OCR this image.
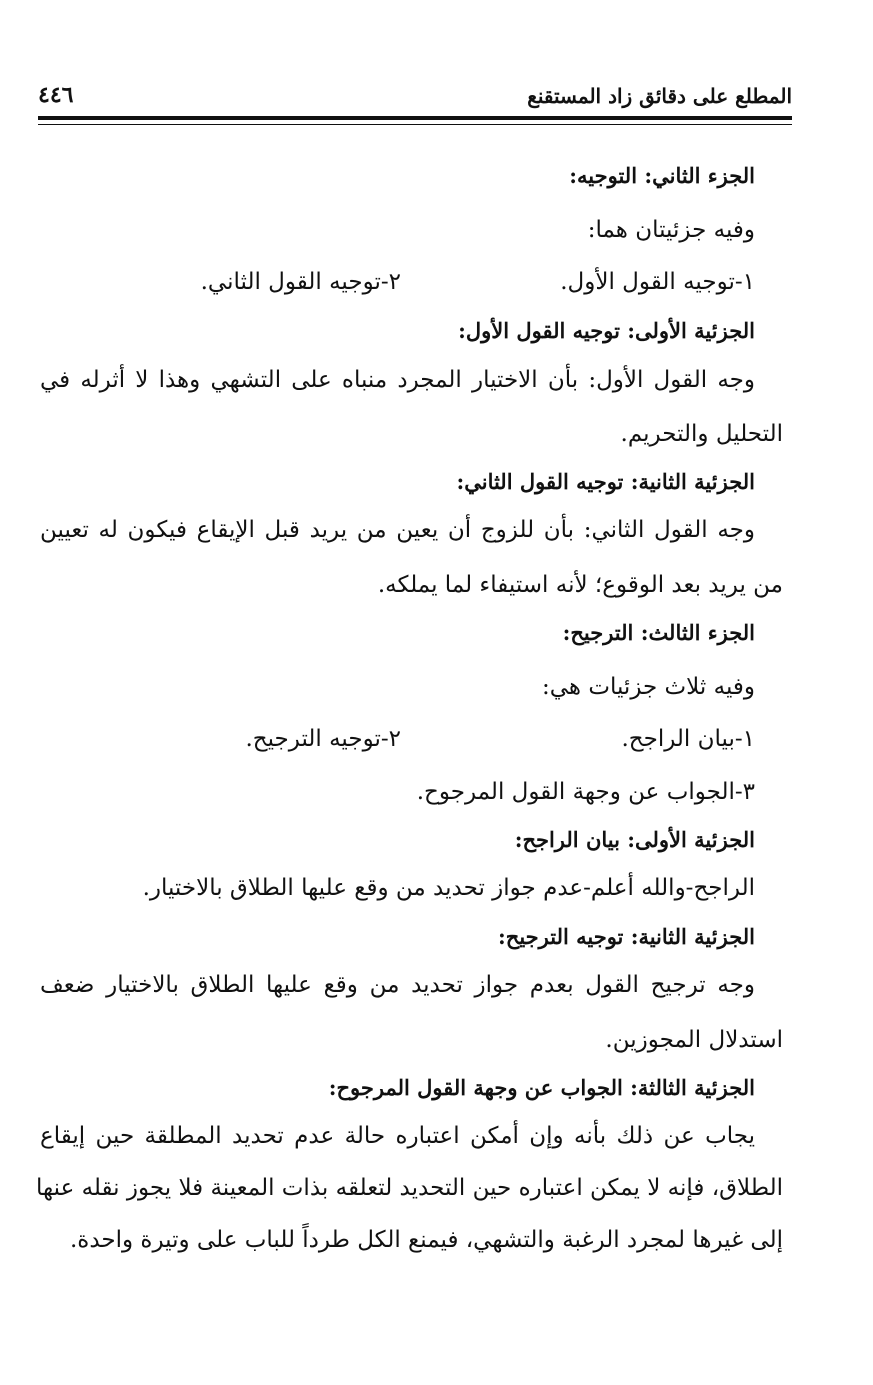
المطلع على دقائق زاد المستقنع
٤٤٦
الجزء الثاني: التوجيه:
وفيه جزئيتان هما:
١-توجيه القول الأول.
٢-توجيه القول الثاني.
الجزئية الأولى: توجيه القول الأول:
وجه القول الأول: بأن الاختيار المجرد منباه على التشهي وهذا لا أثرله في
التحليل والتحريم.
الجزئية الثانية: توجيه القول الثاني:
وجه القول الثاني: بأن للزوج أن يعين من يريد قبل الإيقاع فيكون له تعيين
من يريد بعد الوقوع؛ لأنه استيفاء لما يملكه.
الجزء الثالث: الترجيح:
وفيه ثلاث جزئيات هي:
١-بيان الراجح.
٢-توجيه الترجيح.
٣-الجواب عن وجهة القول المرجوح.
الجزئية الأولى: بيان الراجح:
الراجح-والله أعلم-عدم جواز تحديد من وقع عليها الطلاق بالاختيار.
الجزئية الثانية: توجيه الترجيح:
وجه ترجيح القول بعدم جواز تحديد من وقع عليها الطلاق بالاختيار ضعف
استدلال المجوزين.
الجزئية الثالثة: الجواب عن وجهة القول المرجوح:
يجاب عن ذلك بأنه وإن أمكن اعتباره حالة عدم تحديد المطلقة حين إيقاع
الطلاق، فإنه لا يمكن اعتباره حين التحديد لتعلقه بذات المعينة فلا يجوز نقله عنها
إلى غيرها لمجرد الرغبة والتشهي، فيمنع الكل طرداً للباب على وتيرة واحدة.
